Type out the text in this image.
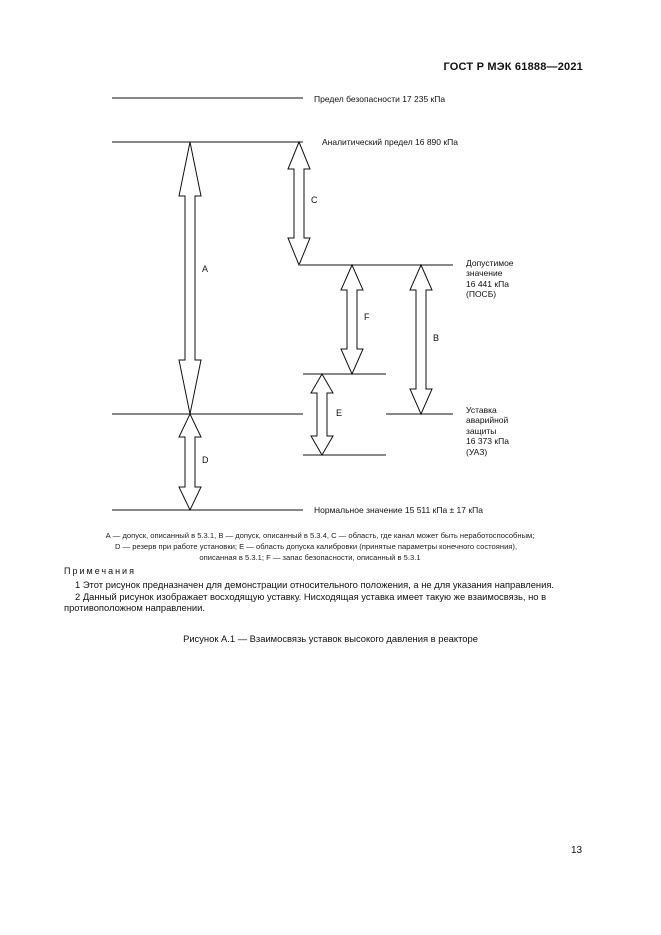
ГОСТ Р МЭК 61888—2021
Предел безопасности 17 235 кПа
Аналитический предел 16 890 кПа
Допустимое
значение
16 441 кПа
(ПОСБ)
Уставка
аварийной
защиты
16 373 кПа
(УАЗ)
Нормальное значение 15 511 кПа ± 17 кПа
A
C
F
B
E
D
А — допуск, описанный в 5.3.1, B — допуск, описанный в 5.3.4, С — область, где канал может быть неработоспособным;
D — резерв при работе установки; Е — область допуска калибровки (принятые параметры конечного состояния),
описанная в 5.3.1; F — запас безопасности, описанный в 5.3.1
Примечания
1 Этот рисунок предназначен для демонстрации относительного положения, а не для указания направления.
2 Данный рисунок изображает восходящую уставку. Нисходящая уставка имеет такую же взаимосвязь, но в
противоположном направлении.
Рисунок А.1 — Взаимосвязь уставок высокого давления в реакторе
13
